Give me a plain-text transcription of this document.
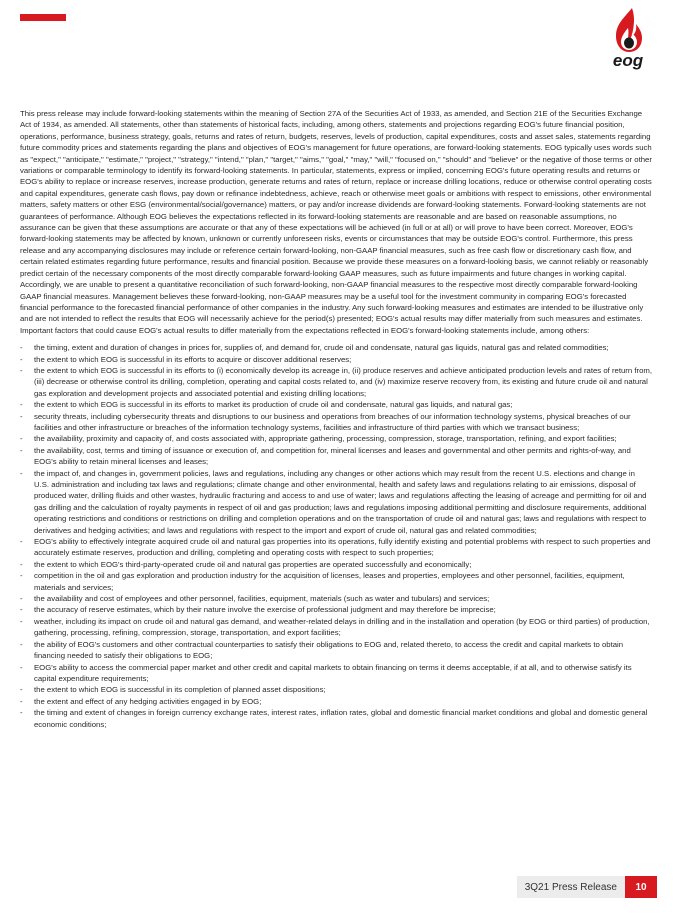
eog

This press release may include forward-looking statements within the meaning of Section 27A of the Securities Act of 1933, as amended, and Section 21E of the Securities Exchange Act of 1934, as amended. All statements, other than statements of historical facts, including, among others, statements and projections regarding EOG's future financial position, operations, performance, business strategy, goals, returns and rates of return, budgets, reserves, levels of production, capital expenditures, costs and asset sales, statements regarding future commodity prices and statements regarding the plans and objectives of EOG's management for future operations, are forward-looking statements. EOG typically uses words such as "expect," "anticipate," "estimate," "project," "strategy," "intend," "plan," "target," "aims," "goal," "may," "will," "focused on," "should" and "believe" or the negative of those terms or other variations or comparable terminology to identify its forward-looking statements. In particular, statements, express or implied, concerning EOG's future operating results and returns or EOG's ability to replace or increase reserves, increase production, generate returns and rates of return, replace or increase drilling locations, reduce or otherwise control operating costs and capital expenditures, generate cash flows, pay down or refinance indebtedness, achieve, reach or otherwise meet goals or ambitions with respect to emissions, other environmental matters, safety matters or other ESG (environmental/social/governance) matters, or pay and/or increase dividends are forward-looking statements. Forward-looking statements are not guarantees of performance. Although EOG believes the expectations reflected in its forward-looking statements are reasonable and are based on reasonable assumptions, no assurance can be given that these assumptions are accurate or that any of these expectations will be achieved (in full or at all) or will prove to have been correct. Moreover, EOG's forward-looking statements may be affected by known, unknown or currently unforeseen risks, events or circumstances that may be outside EOG's control. Furthermore, this press release and any accompanying disclosures may include or reference certain forward-looking, non-GAAP financial measures, such as free cash flow or discretionary cash flow, and certain related estimates regarding future performance, results and financial position. Because we provide these measures on a forward-looking basis, we cannot reliably or reasonably predict certain of the necessary components of the most directly comparable forward-looking GAAP measures, such as future impairments and future changes in working capital. Accordingly, we are unable to present a quantitative reconciliation of such forward-looking, non-GAAP financial measures to the respective most directly comparable forward-looking GAAP financial measures. Management believes these forward-looking, non-GAAP measures may be a useful tool for the investment community in comparing EOG's forecasted financial performance to the forecasted financial performance of other companies in the industry. Any such forward-looking measures and estimates are intended to be illustrative only and are not intended to reflect the results that EOG will necessarily achieve for the period(s) presented; EOG's actual results may differ materially from such measures and estimates. Important factors that could cause EOG's actual results to differ materially from the expectations reflected in EOG's forward-looking statements include, among others:

- the timing, extent and duration of changes in prices for, supplies of, and demand for, crude oil and condensate, natural gas liquids, natural gas and related commodities;
- the extent to which EOG is successful in its efforts to acquire or discover additional reserves;
- the extent to which EOG is successful in its efforts to (i) economically develop its acreage in, (ii) produce reserves and achieve anticipated production levels and rates of return from, (iii) decrease or otherwise control its drilling, completion, operating and capital costs related to, and (iv) maximize reserve recovery from, its existing and future crude oil and natural gas exploration and development projects and associated potential and existing drilling locations;
- the extent to which EOG is successful in its efforts to market its production of crude oil and condensate, natural gas liquids, and natural gas;
- security threats, including cybersecurity threats and disruptions to our business and operations from breaches of our information technology systems, physical breaches of our facilities and other infrastructure or breaches of the information technology systems, facilities and infrastructure of third parties with which we transact business;
- the availability, proximity and capacity of, and costs associated with, appropriate gathering, processing, compression, storage, transportation, refining, and export facilities;
- the availability, cost, terms and timing of issuance or execution of, and competition for, mineral licenses and leases and governmental and other permits and rights-of-way, and EOG's ability to retain mineral licenses and leases;
- the impact of, and changes in, government policies, laws and regulations, including any changes or other actions which may result from the recent U.S. elections and change in U.S. administration and including tax laws and regulations; climate change and other environmental, health and safety laws and regulations relating to air emissions, disposal of produced water, drilling fluids and other wastes, hydraulic fracturing and access to and use of water; laws and regulations affecting the leasing of acreage and permitting for oil and gas drilling and the calculation of royalty payments in respect of oil and gas production; laws and regulations imposing additional permitting and disclosure requirements, additional operating restrictions and conditions or restrictions on drilling and completion operations and on the transportation of crude oil and natural gas; laws and regulations with respect to derivatives and hedging activities; and laws and regulations with respect to the import and export of crude oil, natural gas and related commodities;
- EOG's ability to effectively integrate acquired crude oil and natural gas properties into its operations, fully identify existing and potential problems with respect to such properties and accurately estimate reserves, production and drilling, completing and operating costs with respect to such properties;
- the extent to which EOG's third-party-operated crude oil and natural gas properties are operated successfully and economically;
- competition in the oil and gas exploration and production industry for the acquisition of licenses, leases and properties, employees and other personnel, facilities, equipment, materials and services;
- the availability and cost of employees and other personnel, facilities, equipment, materials (such as water and tubulars) and services;
- the accuracy of reserve estimates, which by their nature involve the exercise of professional judgment and may therefore be imprecise;
- weather, including its impact on crude oil and natural gas demand, and weather-related delays in drilling and in the installation and operation (by EOG or third parties) of production, gathering, processing, refining, compression, storage, transportation, and export facilities;
- the ability of EOG's customers and other contractual counterparties to satisfy their obligations to EOG and, related thereto, to access the credit and capital markets to obtain financing needed to satisfy their obligations to EOG;
- EOG's ability to access the commercial paper market and other credit and capital markets to obtain financing on terms it deems acceptable, if at all, and to otherwise satisfy its capital expenditure requirements;
- the extent to which EOG is successful in its completion of planned asset dispositions;
- the extent and effect of any hedging activities engaged in by EOG;
- the timing and extent of changes in foreign currency exchange rates, interest rates, inflation rates, global and domestic financial market conditions and global and domestic general economic conditions;
3Q21 Press Release	10
